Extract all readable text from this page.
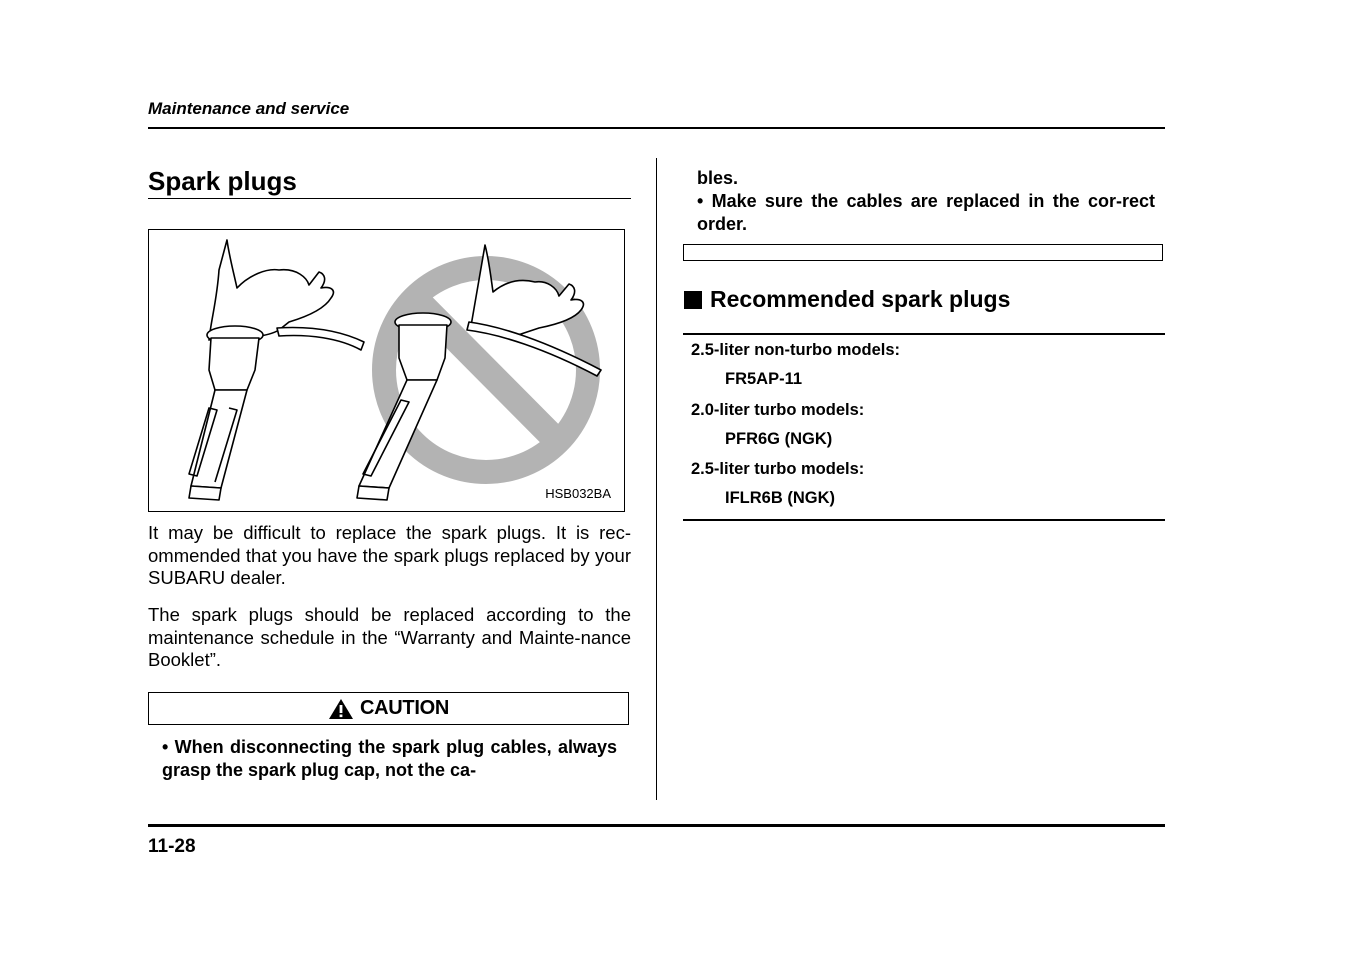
Maintenance and service
Spark plugs
HSB032BA
It may be difficult to replace the spark plugs. It is rec-ommended that you have the spark plugs replaced by your SUBARU dealer.
The spark plugs should be replaced according to the maintenance schedule in the “Warranty and Mainte-nance Booklet”.
CAUTION
• When disconnecting the spark plug cables, always grasp the spark plug cap, not the ca-
bles.
• Make sure the cables are replaced in the cor-rect order.
Recommended spark plugs
2.5-liter non-turbo models:
FR5AP-11
2.0-liter turbo models:
PFR6G (NGK)
2.5-liter turbo models:
IFLR6B (NGK)
11-28
